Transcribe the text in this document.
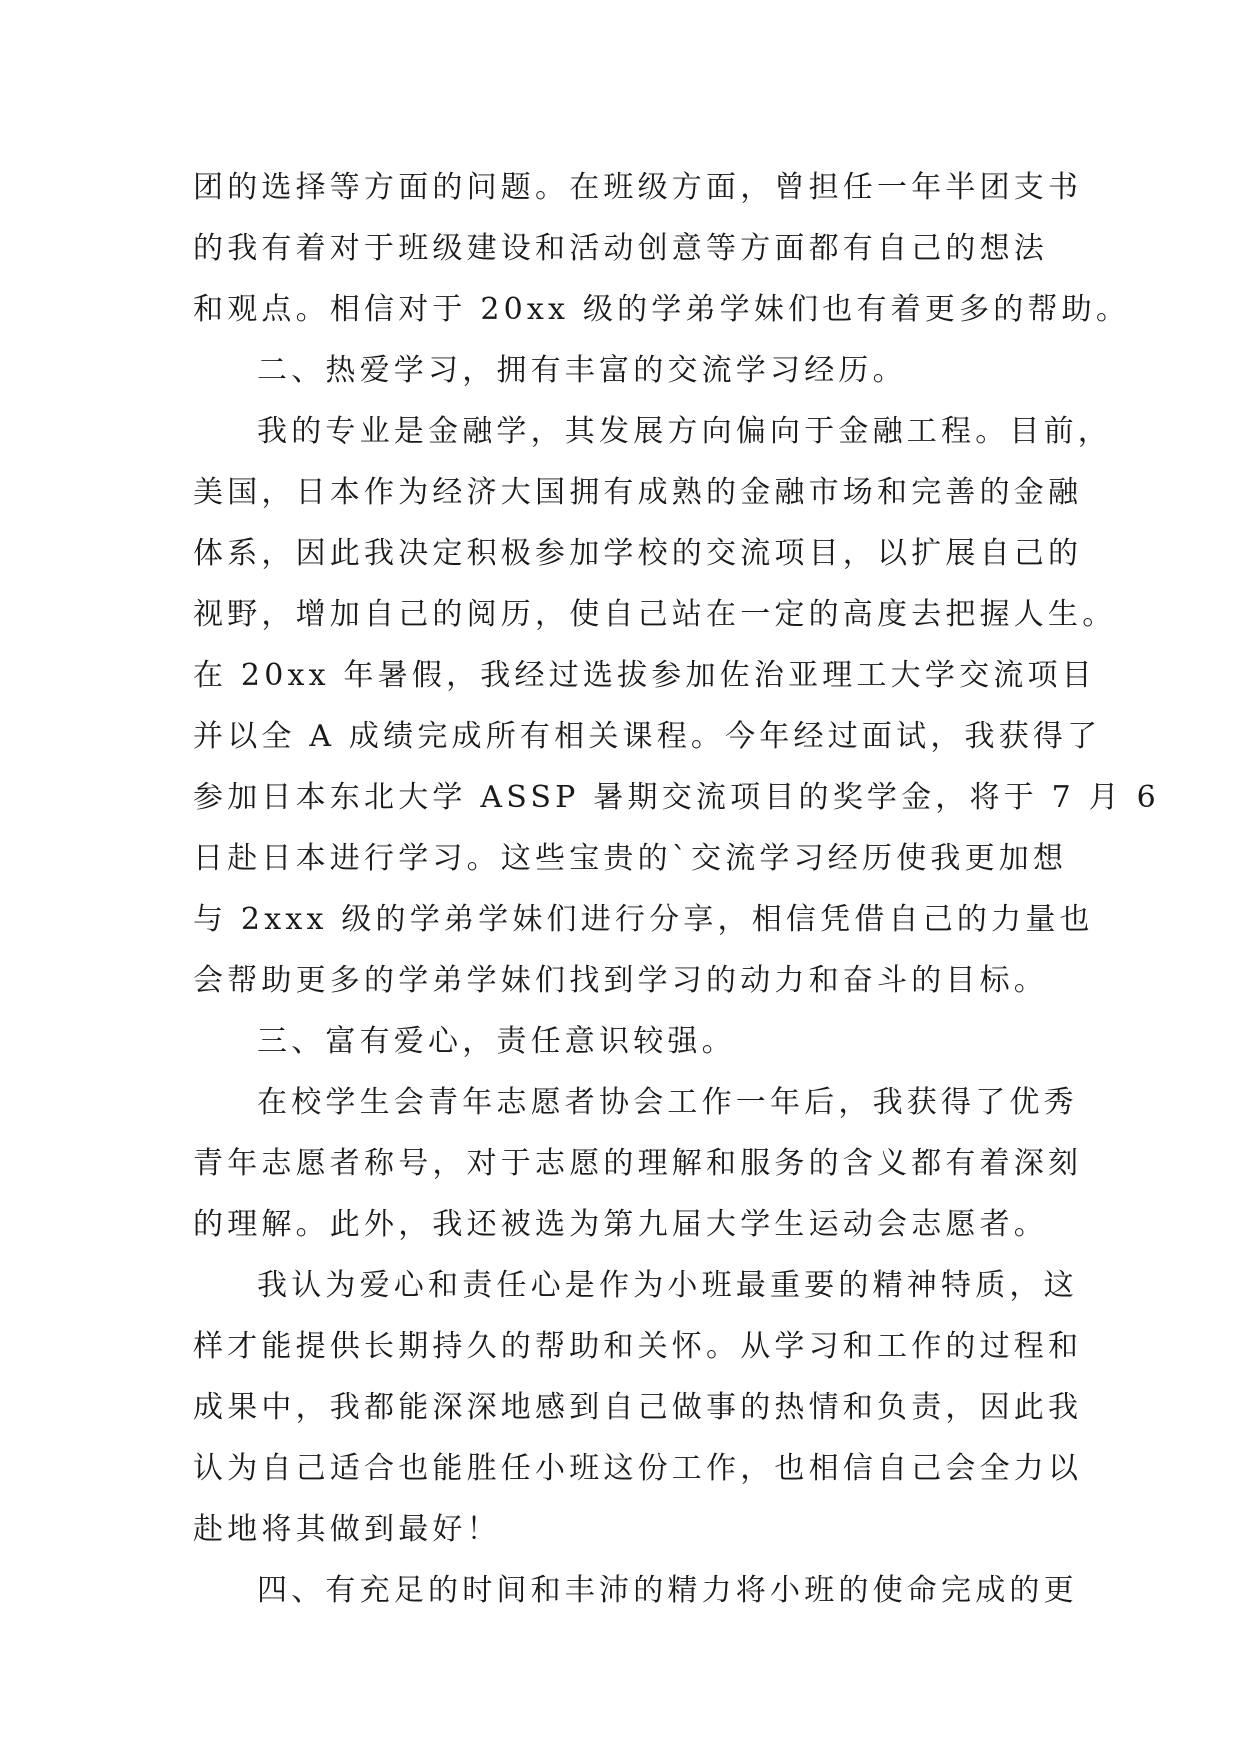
团的选择等方面的问题。在班级方面，曾担任一年半团支书
的我有着对于班级建设和活动创意等方面都有自己的想法
和观点。相信对于 20xx 级的学弟学妹们也有着更多的帮助。
二、热爱学习，拥有丰富的交流学习经历。
我的专业是金融学，其发展方向偏向于金融工程。目前，
美国，日本作为经济大国拥有成熟的金融市场和完善的金融
体系，因此我决定积极参加学校的交流项目，以扩展自己的
视野，增加自己的阅历，使自己站在一定的高度去把握人生。
在 20xx 年暑假，我经过选拔参加佐治亚理工大学交流项目
并以全 A 成绩完成所有相关课程。今年经过面试，我获得了
参加日本东北大学 ASSP 暑期交流项目的奖学金，将于 7 月 6
日赴日本进行学习。这些宝贵的`交流学习经历使我更加想
与 2xxx 级的学弟学妹们进行分享，相信凭借自己的力量也
会帮助更多的学弟学妹们找到学习的动力和奋斗的目标。
三、富有爱心，责任意识较强。
在校学生会青年志愿者协会工作一年后，我获得了优秀
青年志愿者称号，对于志愿的理解和服务的含义都有着深刻
的理解。此外，我还被选为第九届大学生运动会志愿者。
我认为爱心和责任心是作为小班最重要的精神特质，这
样才能提供长期持久的帮助和关怀。从学习和工作的过程和
成果中，我都能深深地感到自己做事的热情和负责，因此我
认为自己适合也能胜任小班这份工作，也相信自己会全力以
赴地将其做到最好！
四、有充足的时间和丰沛的精力将小班的使命完成的更
